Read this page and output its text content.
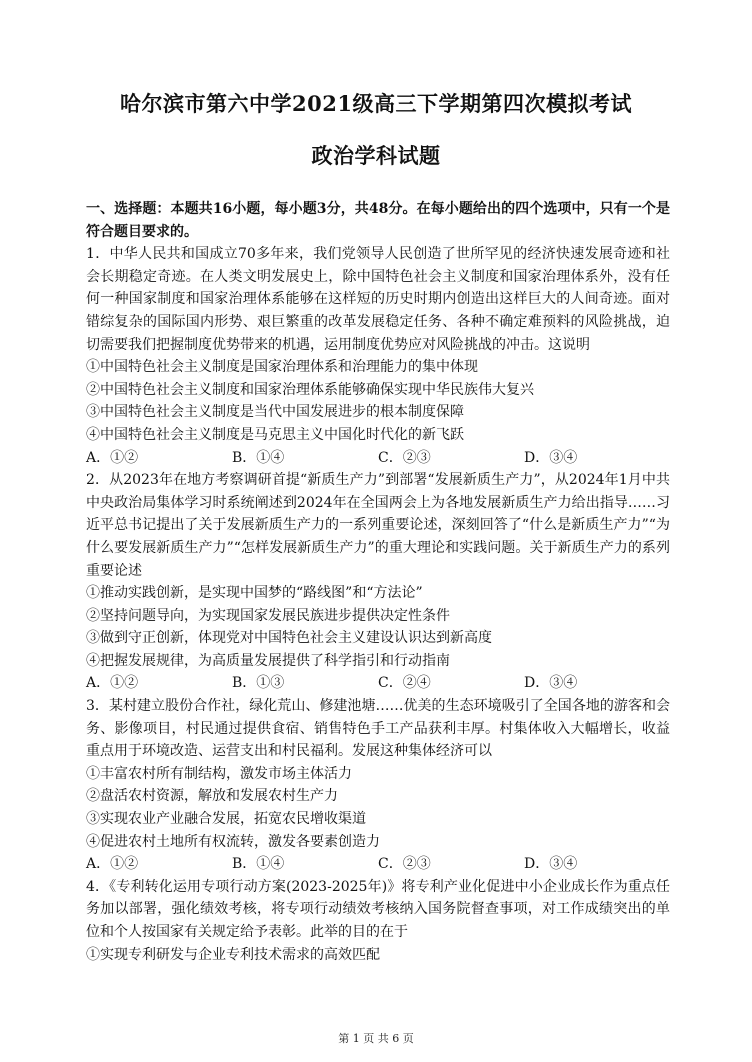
哈尔滨市第六中学2021级高三下学期第四次模拟考试
政治学科试题

一、选择题：本题共16小题，每小题3分，共48分。在每小题给出的四个选项中，只有一个是符合题目要求的。

1．中华人民共和国成立70多年来，我们党领导人民创造了世所罕见的经济快速发展奇迹和社会长期稳定奇迹。在人类文明发展史上，除中国特色社会主义制度和国家治理体系外，没有任何一种国家制度和国家治理体系能够在这样短的历史时期内创造出这样巨大的人间奇迹。面对错综复杂的国际国内形势、艰巨繁重的改革发展稳定任务、各种不确定难预料的风险挑战，迫切需要我们把握制度优势带来的机遇，运用制度优势应对风险挑战的冲击。这说明

①中国特色社会主义制度是国家治理体系和治理能力的集中体现

②中国特色社会主义制度和国家治理体系能够确保实现中华民族伟大复兴

③中国特色社会主义制度是当代中国发展进步的根本制度保障

④中国特色社会主义制度是马克思主义中国化时代化的新飞跃

A．①②	B．①④	C．②③	D．③④

2．从2023年在地方考察调研首提“新质生产力”到部署“发展新质生产力”，从2024年1月中共中央政治局集体学习时系统阐述到2024年在全国两会上为各地发展新质生产力给出指导……习近平总书记提出了关于发展新质生产力的一系列重要论述，深刻回答了“什么是新质生产力”“为什么要发展新质生产力”“怎样发展新质生产力”的重大理论和实践问题。关于新质生产力的系列重要论述

①推动实践创新，是实现中国梦的“路线图”和“方法论”

②坚持问题导向，为实现国家发展民族进步提供决定性条件

③做到守正创新，体现党对中国特色社会主义建设认识达到新高度

④把握发展规律，为高质量发展提供了科学指引和行动指南

A．①②	B．①③	C．②④	D．③④

3．某村建立股份合作社，绿化荒山、修建池塘……优美的生态环境吸引了全国各地的游客和会务、影像项目，村民通过提供食宿、销售特色手工产品获利丰厚。村集体收入大幅增长，收益重点用于环境改造、运营支出和村民福利。发展这种集体经济可以

①丰富农村所有制结构，激发市场主体活力

②盘活农村资源，解放和发展农村生产力

③实现农业产业融合发展，拓宽农民增收渠道

④促进农村土地所有权流转，激发各要素创造力

A．①②	B．①④	C．②③	D．③④

4．《专利转化运用专项行动方案(2023-2025年)》将专利产业化促进中小企业成长作为重点任务加以部署，强化绩效考核，将专项行动绩效考核纳入国务院督查事项，对工作成绩突出的单位和个人按国家有关规定给予表彰。此举的目的在于

①实现专利研发与企业专利技术需求的高效匹配

第 1 页 共 6 页
